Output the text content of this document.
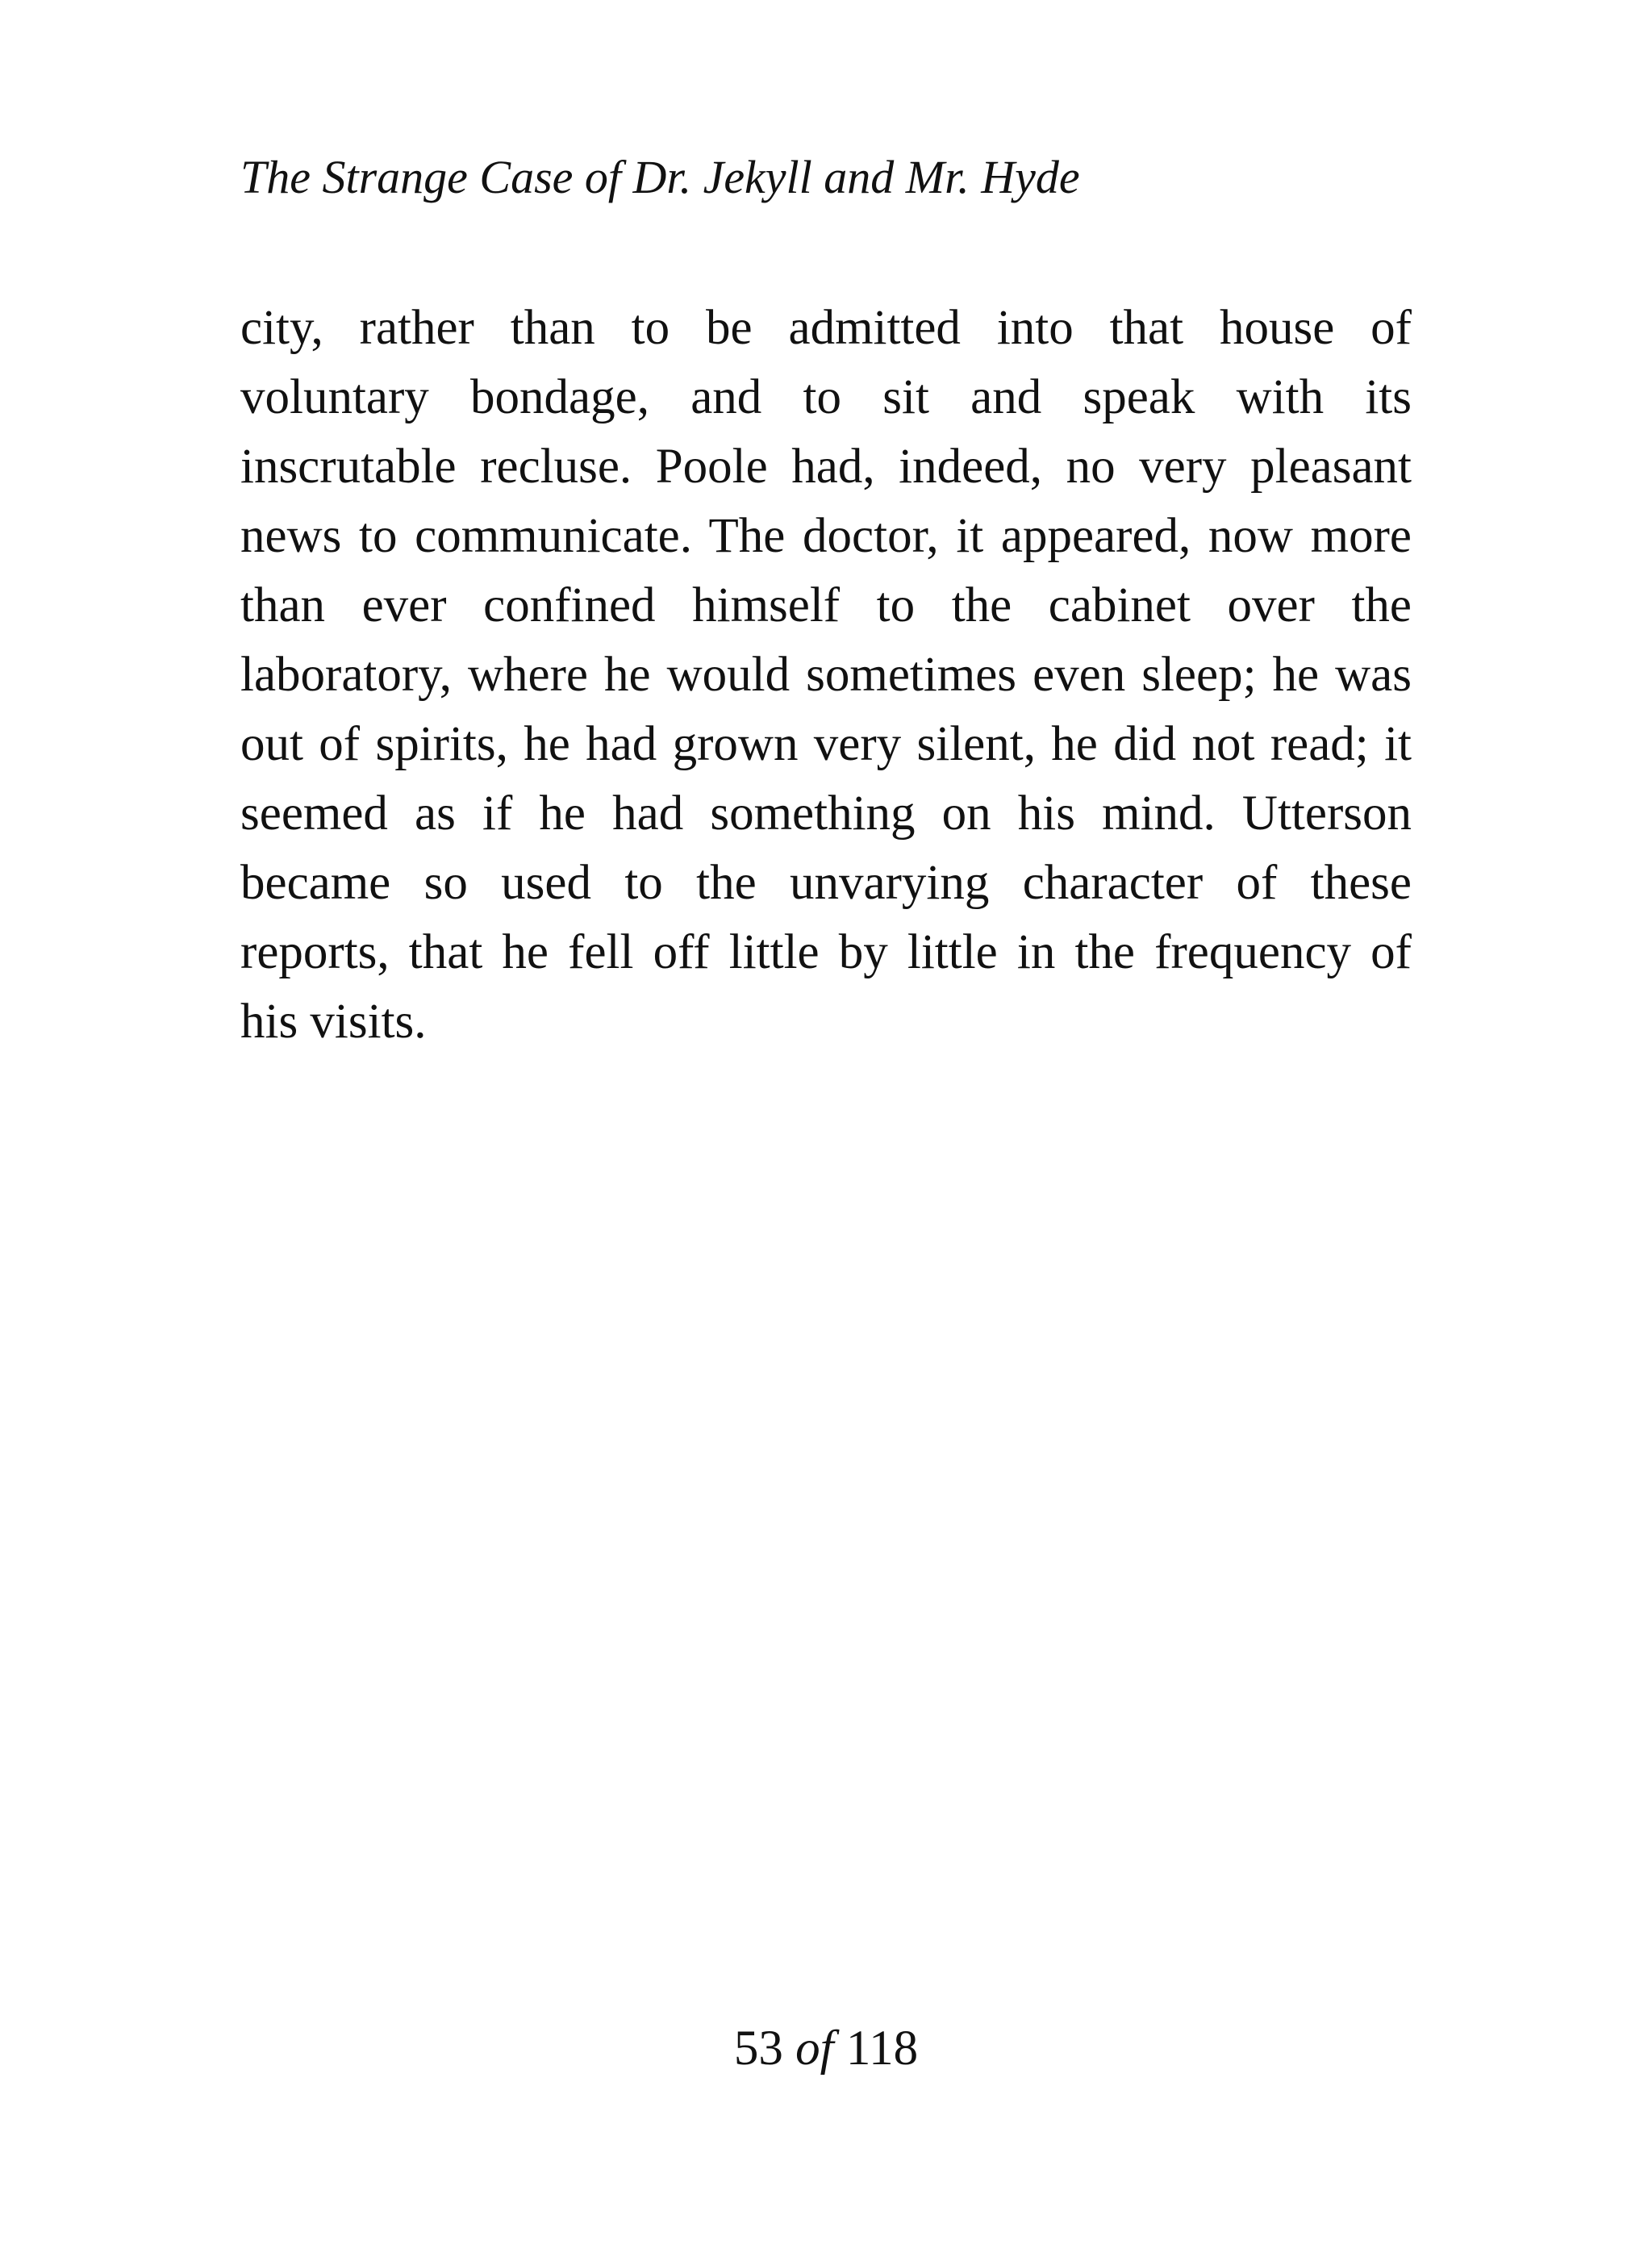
The Strange Case of Dr. Jekyll and Mr. Hyde
city, rather than to be admitted into that house of
voluntary bondage, and to sit and speak with its
inscrutable recluse. Poole had, indeed, no very pleasant
news to communicate. The doctor, it appeared, now more
than ever confined himself to the cabinet over the
laboratory, where he would sometimes even sleep; he was
out of spirits, he had grown very silent, he did not read; it
seemed as if he had something on his mind. Utterson
became so used to the unvarying character of these
reports, that he fell off little by little in the frequency of
his visits.
53 of 118
